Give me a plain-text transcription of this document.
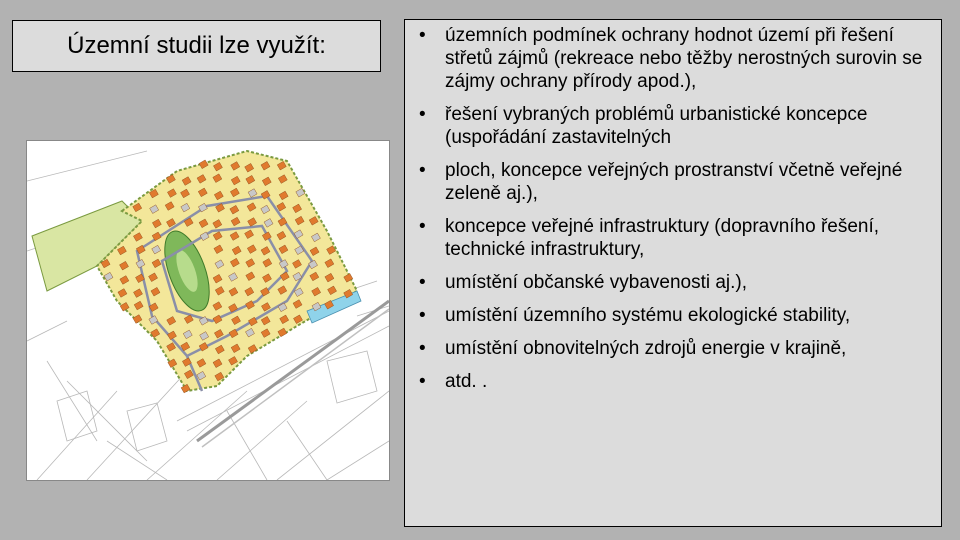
Územní studii lze využít:
•	územních podmínek ochrany hodnot území při řešení střetů zájmů (rekreace nebo těžby nerostných surovin se zájmy ochrany přírody apod.),
• řešení vybraných problémů urbanistické koncepce (uspořádání zastavitelných
• ploch, koncepce veřejných prostranství včetně veřejné zeleně aj.),
• koncepce veřejné infrastruktury (dopravního řešení, technické infrastruktury,
• umístění občanské vybavenosti aj.),
• umístění územního systému ekologické stability,
• umístění obnovitelných zdrojů energie v krajině,
• atd. .
